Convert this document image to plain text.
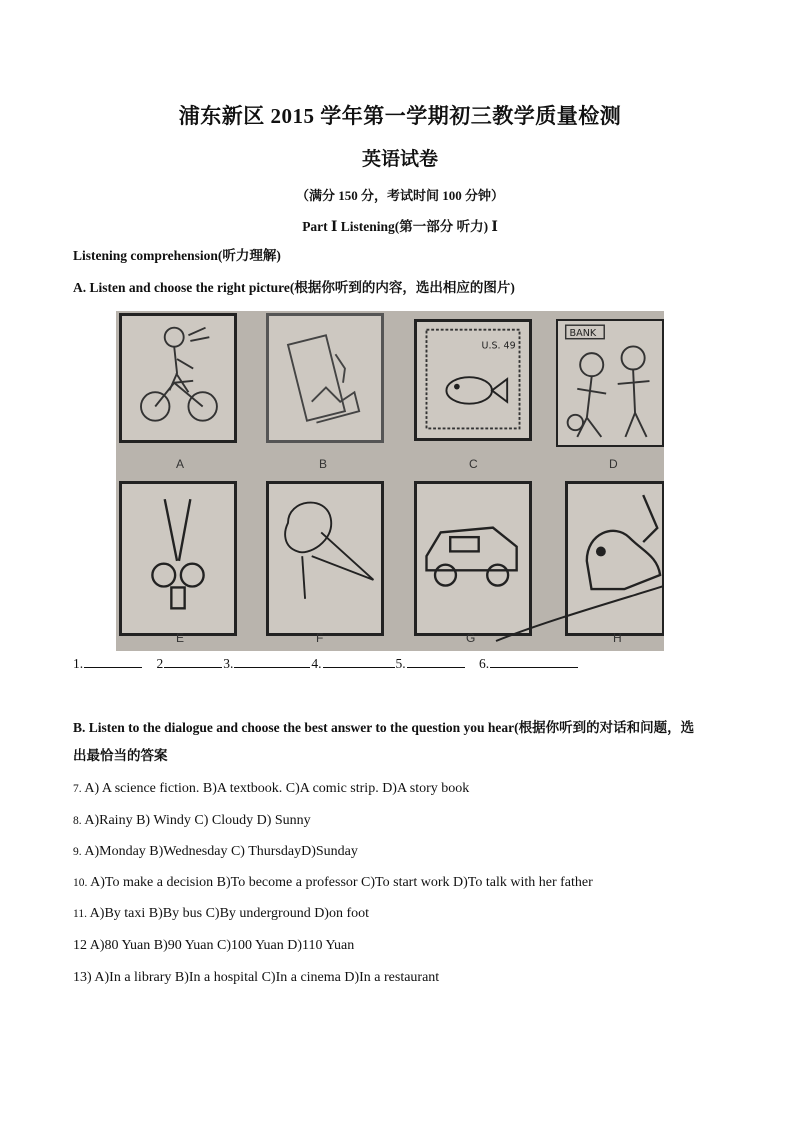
浦东新区 2015 学年第一学期初三教学质量检测
英语试卷
（满分 150 分，考试时间 100 分钟）
Part Ⅰ Listening(第一部分 听力) Ⅰ
Listening comprehension(听力理解)
A. Listen and choose the right picture(根据你听到的内容，选出相应的图片)
A	B
U.S. 49
C
BANK
D
E	F	G	H
1.	2	3.	4.	5.	6.
B. Listen to the dialogue and choose the best answer to the question you hear(根据你听到的对话和问题，选
出最恰当的答案
7. A) A science fiction. B)A textbook. C)A comic strip. D)A story book
8. A)Rainy B) Windy C) Cloudy D) Sunny
9. A)Monday B)Wednesday C) ThursdayD)Sunday
10. A)To make a decision B)To become a professor C)To start work D)To talk with her father
11. A)By taxi B)By bus C)By underground D)on foot
12 A)80 Yuan B)90 Yuan C)100 Yuan D)110 Yuan
13) A)In a library B)In a hospital C)In a cinema D)In a restaurant
